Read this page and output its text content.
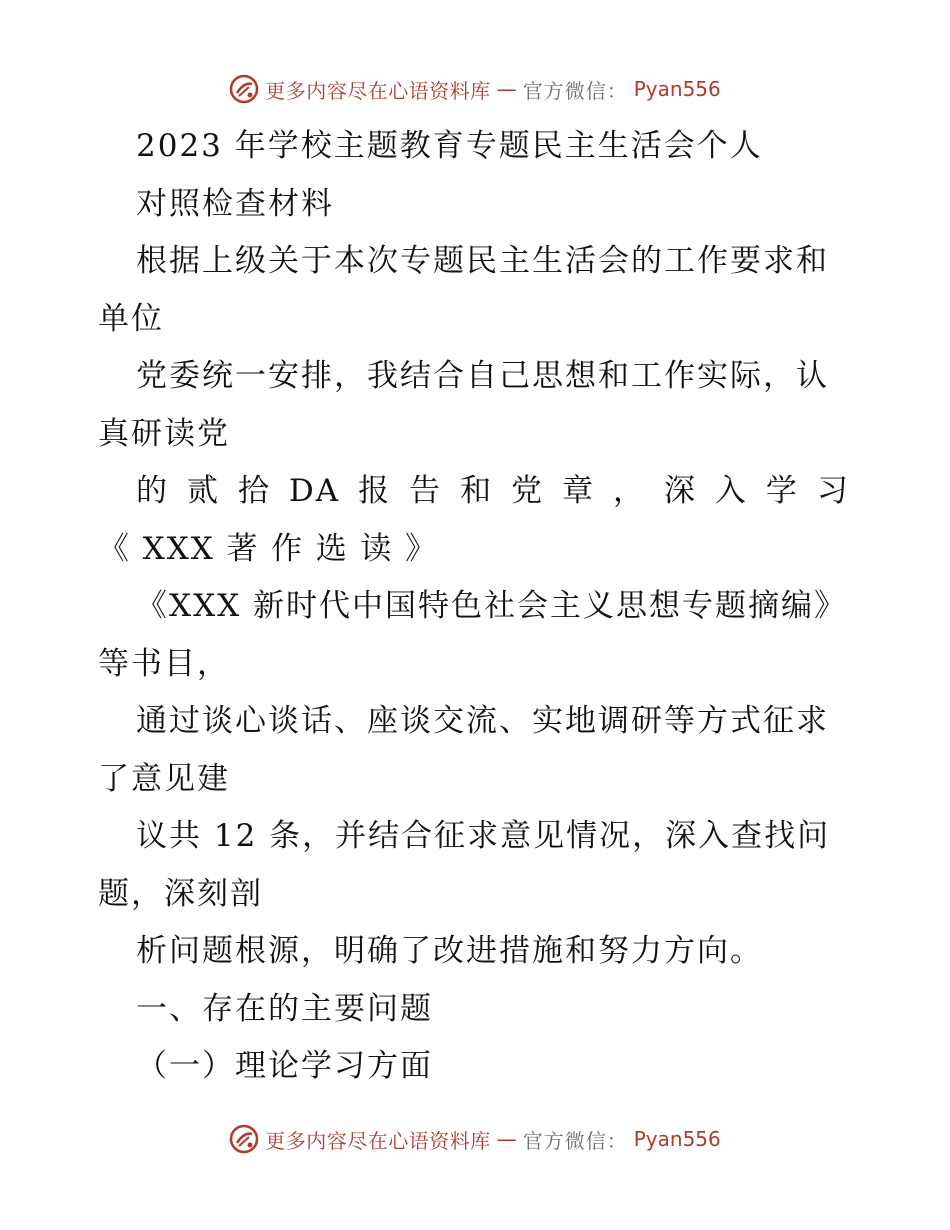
更多内容尽在心语资料库 — 官方微信： Pyan556
2023 年学校主题教育专题民主生活会个人
对照检查材料
根据上级关于本次专题民主生活会的工作要求和
单位
党委统一安排，我结合自己思想和工作实际，认
真研读党
的 贰 拾 DA 报 告 和 党 章 ， 深 入 学 习
《 XXX 著 作 选 读 》
《XXX 新时代中国特色社会主义思想专题摘编》
等书目，
通过谈心谈话、座谈交流、实地调研等方式征求
了意见建
议共 12 条，并结合征求意见情况，深入查找问
题，深刻剖
析问题根源，明确了改进措施和努力方向。
一、存在的主要问题
（一）理论学习方面
更多内容尽在心语资料库 — 官方微信： Pyan556
